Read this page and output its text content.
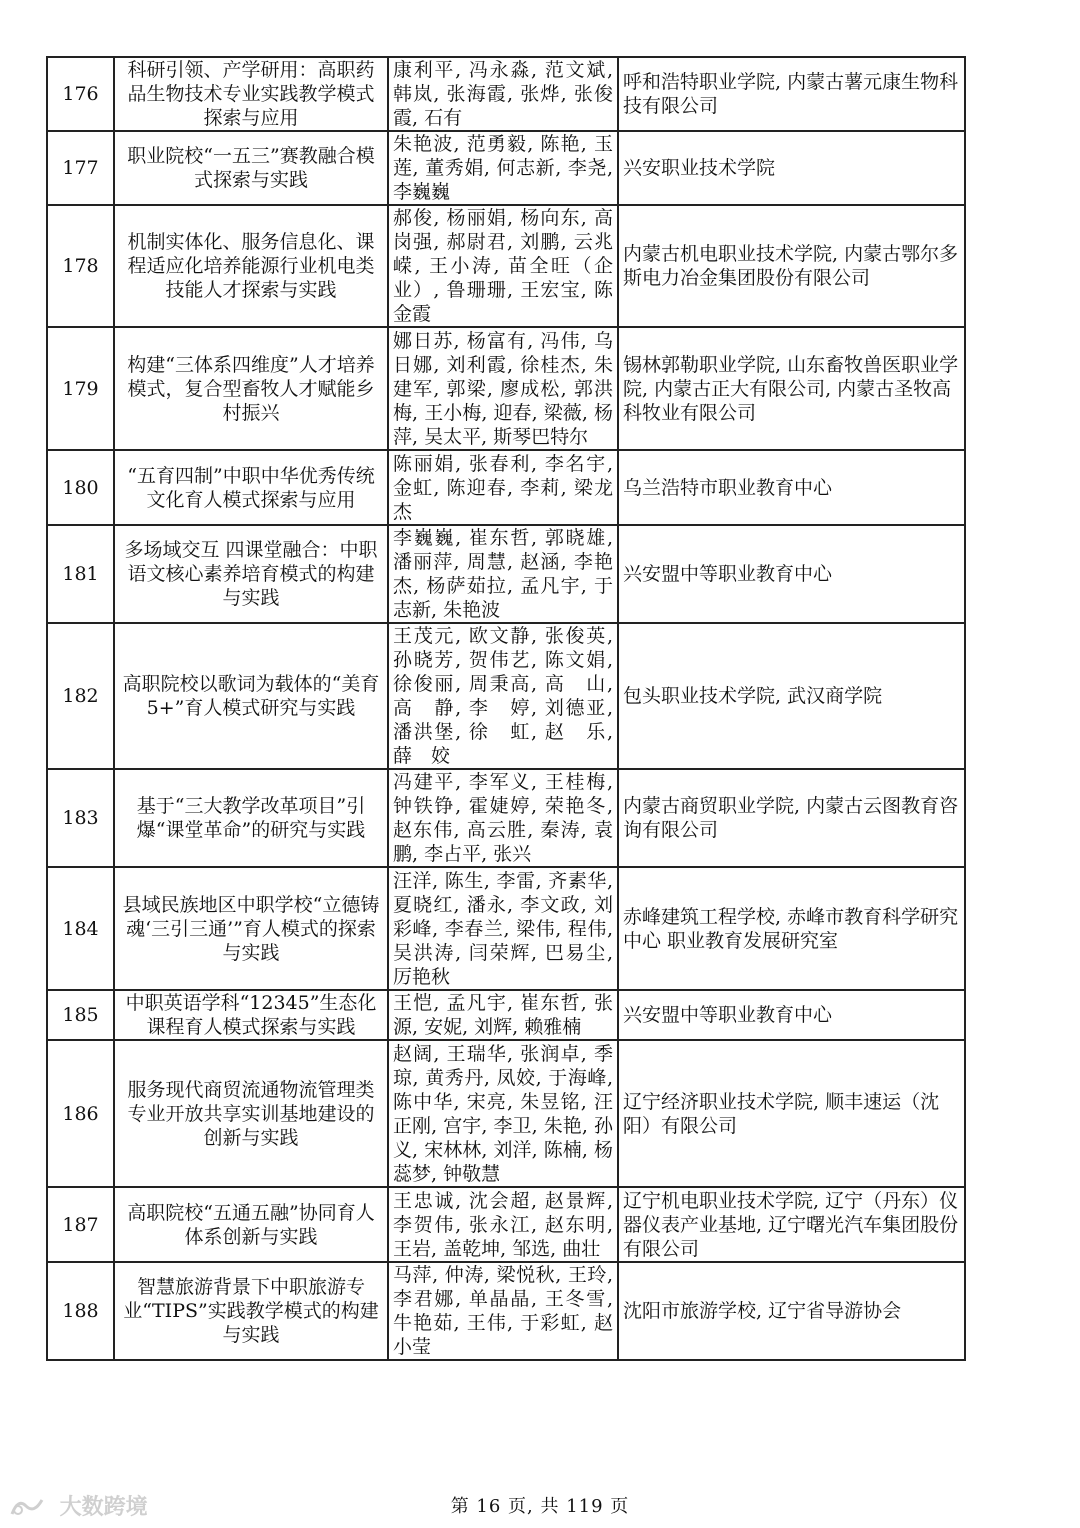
176	科研引领、产学研用：高职药品生物技术专业实践教学模式探索与应用	康利平, 冯永淼, 范文斌, 韩岚, 张海霞, 张烨, 张俊霞, 石有	呼和浩特职业学院, 内蒙古薯元康生物科技有限公司
177	职业院校“一五三”赛教融合模式探索与实践	朱艳波, 范勇毅, 陈艳, 玉莲, 董秀娟, 何志新, 李尧, 李巍巍	兴安职业技术学院
178	机制实体化、服务信息化、课程适应化培养能源行业机电类技能人才探索与实践	郝俊, 杨丽娟, 杨向东, 高岗强, 郝尉君, 刘鹏, 云兆嵘, 王小涛, 苗全旺（企业）, 鲁珊珊, 王宏宝, 陈金霞	内蒙古机电职业技术学院, 内蒙古鄂尔多斯电力冶金集团股份有限公司
179	构建“三体系四维度”人才培养模式，复合型畜牧人才赋能乡村振兴	娜日苏, 杨富有, 冯伟, 乌日娜, 刘利霞, 徐桂杰, 朱建军, 郭梁, 廖成松, 郭洪梅, 王小梅, 迎春, 梁薇, 杨萍, 吴太平, 斯琴巴特尔	锡林郭勒职业学院, 山东畜牧兽医职业学院, 内蒙古正大有限公司, 内蒙古圣牧高科牧业有限公司
180	“五育四制”中职中华优秀传统文化育人模式探索与应用	陈丽娟, 张春利, 李名宇, 金虹, 陈迎春, 李莉, 梁龙杰	乌兰浩特市职业教育中心
181	多场域交互 四课堂融合：中职语文核心素养培育模式的构建与实践	李巍巍, 崔东哲, 郭晓雄, 潘丽萍, 周慧, 赵涵, 李艳杰, 杨萨茹拉, 孟凡宇, 于志新, 朱艳波	兴安盟中等职业教育中心
182	高职院校以歌词为载体的“美育5+”育人模式研究与实践	王茂元, 欧文静, 张俊英, 孙晓芳, 贺伟艺, 陈文娟, 徐俊丽, 周秉高, 高　山, 高　静, 李　婷, 刘德亚, 潘洪堡, 徐　虹, 赵　乐, 薛　姣	包头职业技术学院, 武汉商学院
183	基于“三大教学改革项目”引爆“课堂革命”的研究与实践	冯建平, 李军义, 王桂梅, 钟铁铮, 霍婕婷, 荣艳冬, 赵东伟, 高云胜, 秦涛, 袁鹏, 李占平, 张兴	内蒙古商贸职业学院, 内蒙古云图教育咨询有限公司
184	县域民族地区中职学校“立德铸魂‘三引三通’”育人模式的探索与实践	汪洋, 陈生, 李雷, 齐素华, 夏晓红, 潘永, 李文政, 刘彩峰, 李春兰, 梁伟, 程伟, 吴洪涛, 闫荣辉, 巴易尘, 厉艳秋	赤峰建筑工程学校, 赤峰市教育科学研究中心 职业教育发展研究室
185	中职英语学科“12345”生态化课程育人模式探索与实践	王恺, 孟凡宇, 崔东哲, 张源, 安妮, 刘辉, 赖雅楠	兴安盟中等职业教育中心
186	服务现代商贸流通物流管理类专业开放共享实训基地建设的创新与实践	赵阔, 王瑞华, 张润卓, 季琼, 黄秀丹, 凤姣, 于海峰, 陈中华, 宋亮, 朱昱铭, 汪正刚, 宫宇, 李卫, 朱艳, 孙义, 宋林林, 刘洋, 陈楠, 杨蕊梦, 钟敬慧	辽宁经济职业技术学院, 顺丰速运（沈阳）有限公司
187	高职院校“五通五融”协同育人体系创新与实践	王忠诚, 沈会超, 赵景辉, 李贺伟, 张永江, 赵东明, 王岩, 盖乾坤, 邹选, 曲壮	辽宁机电职业技术学院, 辽宁（丹东）仪器仪表产业基地, 辽宁曙光汽车集团股份有限公司
188	智慧旅游背景下中职旅游专业“TIPS”实践教学模式的构建与实践	马萍, 仲涛, 梁悦秋, 王玲, 李君娜, 单晶晶, 王冬雪, 牛艳茹, 王伟, 于彩虹, 赵小莹	沈阳市旅游学校, 辽宁省导游协会
大数跨境	第 16 页, 共 119 页
